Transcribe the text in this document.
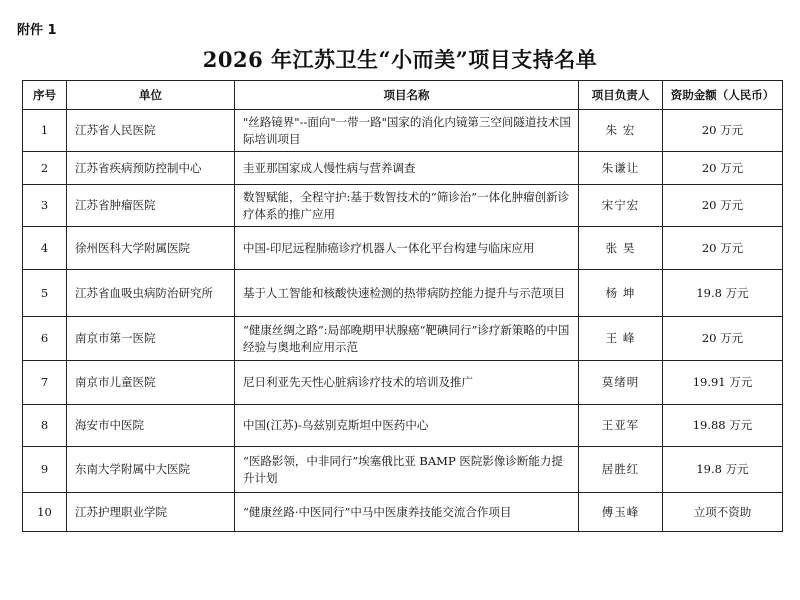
附件 1
2026 年江苏卫生“小而美”项目支持名单
序号	单位	项目名称	项目负责人	资助金额（人民币）
1	江苏省人民医院	"丝路镜界"--面向"一带一路"国家的消化内镜第三空间隧道技术国际培训项目	朱 宏	20 万元
2	江苏省疾病预防控制中心	圭亚那国家成人慢性病与营养调查	朱谦让	20 万元
3	江苏省肿瘤医院	数智赋能，全程守护:基于数智技术的“筛诊治”一体化肿瘤创新诊疗体系的推广应用	宋宁宏	20 万元
4	徐州医科大学附属医院	中国-印尼远程肺癌诊疗机器人一体化平台构建与临床应用	张 昊	20 万元
5	江苏省血吸虫病防治研究所	基于人工智能和核酸快速检测的热带病防控能力提升与示范项目	杨 坤	19.8 万元
6	南京市第一医院	“健康丝绸之路”:局部晚期甲状腺癌“靶碘同行”诊疗新策略的中国经验与奥地利应用示范	王 峰	20 万元
7	南京市儿童医院	尼日利亚先天性心脏病诊疗技术的培训及推广	莫绪明	19.91 万元
8	海安市中医院	中国(江苏)-乌兹别克斯坦中医药中心	王亚军	19.88 万元
9	东南大学附属中大医院	“医路影领，中非同行”埃塞俄比亚 BAMP 医院影像诊断能力提升计划	居胜红	19.8 万元
10	江苏护理职业学院	“健康丝路·中医同行”中马中医康养技能交流合作项目	傅玉峰	立项不资助
